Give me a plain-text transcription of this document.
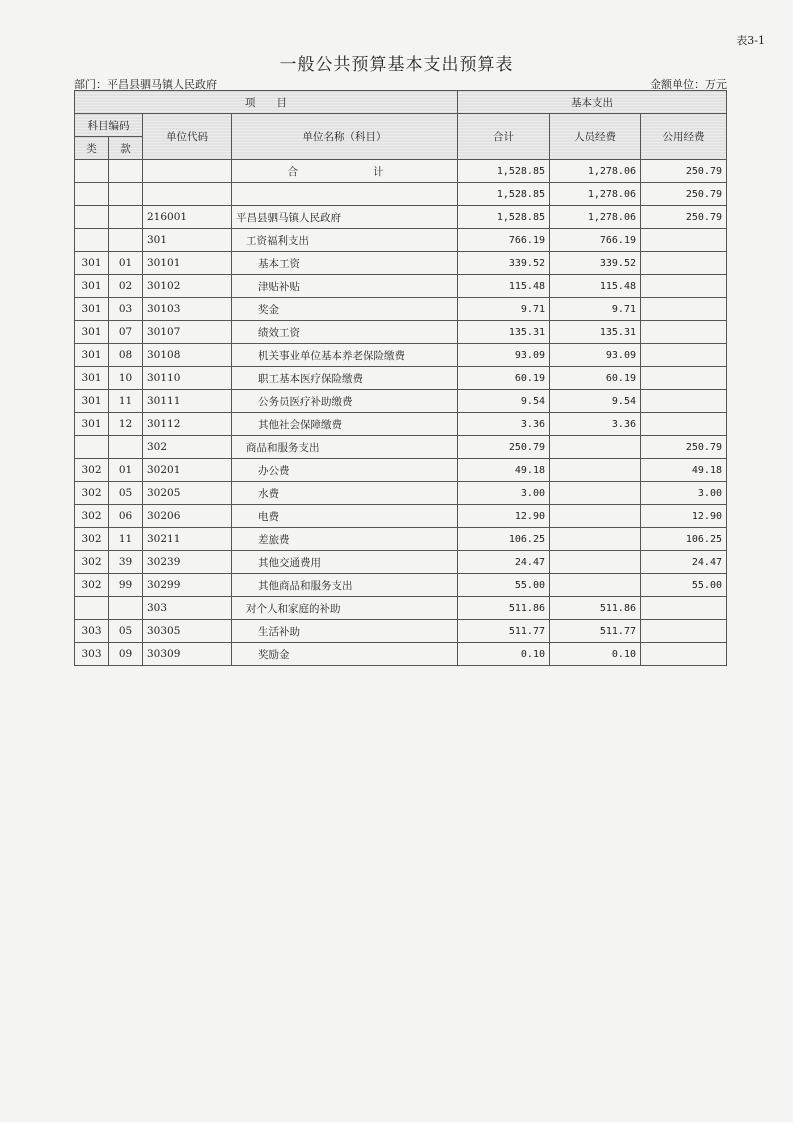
表3-1
一般公共预算基本支出预算表
部门：平昌县驷马镇人民政府	金额单位：万元
项　　目				基本支出		
科目编码		单位代码	单位名称（科目）	合计	人员经费	公用经费
类	款					
			合　　计	1,528.85	1,278.06	250.79
				1,528.85	1,278.06	250.79
		216001	平昌县驷马镇人民政府	1,528.85	1,278.06	250.79
		301	工资福利支出	766.19	766.19	
301	01	30101	基本工资	339.52	339.52	
301	02	30102	津贴补贴	115.48	115.48	
301	03	30103	奖金	9.71	9.71	
301	07	30107	绩效工资	135.31	135.31	
301	08	30108	机关事业单位基本养老保险缴费	93.09	93.09	
301	10	30110	职工基本医疗保险缴费	60.19	60.19	
301	11	30111	公务员医疗补助缴费	9.54	9.54	
301	12	30112	其他社会保障缴费	3.36	3.36	
		302	商品和服务支出	250.79		250.79
302	01	30201	办公费	49.18		49.18
302	05	30205	水费	3.00		3.00
302	06	30206	电费	12.90		12.90
302	11	30211	差旅费	106.25		106.25
302	39	30239	其他交通费用	24.47		24.47
302	99	30299	其他商品和服务支出	55.00		55.00
		303	对个人和家庭的补助	511.86	511.86	
303	05	30305	生活补助	511.77	511.77	
303	09	30309	奖励金	0.10	0.10	
